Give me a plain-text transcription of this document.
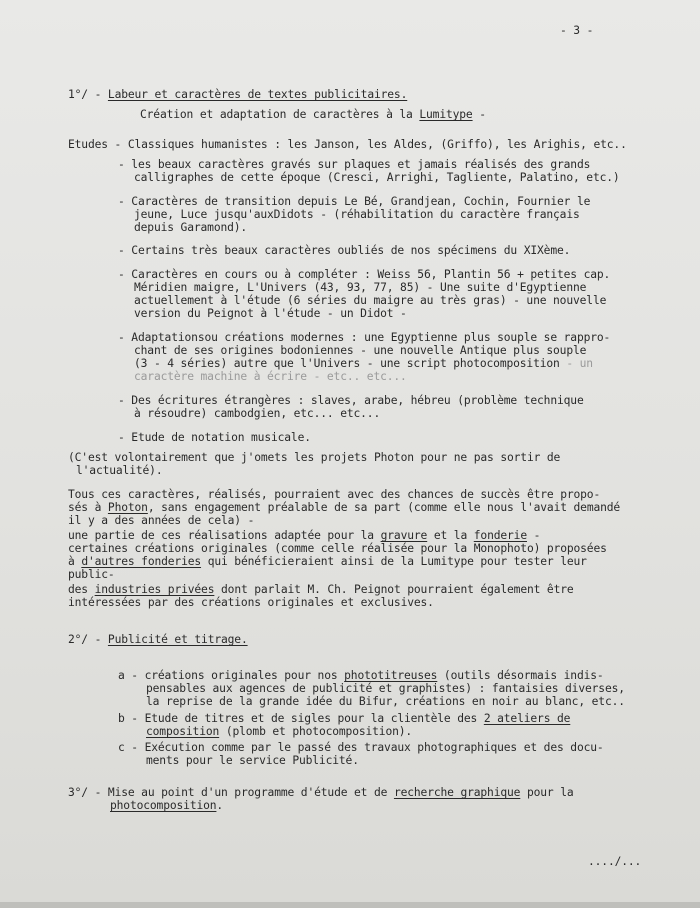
- 3 -
1°/ - Labeur et caractères de textes publicitaires.
Création et adaptation de caractères à la Lumitype -
Etudes - Classiques humanistes : les Janson, les Aldes, (Griffo), les Arighis, etc..
- les beaux caractères gravés sur plaques et jamais réalisés des grands
calligraphes de cette époque (Cresci, Arrighi, Tagliente, Palatino, etc.)
- Caractères de transition depuis Le Bé, Grandjean, Cochin, Fournier le
jeune, Luce jusqu'auxDidots - (réhabilitation du caractère français
depuis Garamond).
- Certains très beaux caractères oubliés de nos spécimens du XIXème.
- Caractères en cours ou à compléter : Weiss 56, Plantin 56 + petites cap.
Méridien maigre, L'Univers (43, 93, 77, 85) - Une suite d'Egyptienne
actuellement à l'étude (6 séries du maigre au très gras) - une nouvelle
version du Peignot à l'étude - un Didot -
- Adaptationsou créations modernes : une Egyptienne plus souple se rappro-
chant de ses origines bodoniennes - une nouvelle Antique plus souple
(3 - 4 séries) autre que l'Univers - une script photocomposition - un
caractère machine à écrire - etc.. etc...
- Des écritures étrangères : slaves, arabe, hébreu (problème technique
à résoudre) cambodgien, etc... etc...
- Etude de notation musicale.
(C'est volontairement que j'omets les projets Photon pour ne pas sortir de
l'actualité).
Tous ces caractères, réalisés, pourraient avec des chances de succès être propo-
sés à Photon, sans engagement préalable de sa part (comme elle nous l'avait demandé
il y a des années de cela) -
une partie de ces réalisations adaptée pour la gravure et la fonderie -
certaines créations originales (comme celle réalisée pour la Monophoto) proposées
à d'autres fonderies qui bénéficieraient ainsi de la Lumitype pour tester leur
public-
des industries privées dont parlait M. Ch. Peignot pourraient également être
intéressées par des créations originales et exclusives.
2°/ - Publicité et titrage.
a - créations originales pour nos phototitreuses (outils désormais indis-
pensables aux agences de publicité et graphistes) : fantaisies diverses,
la reprise de la grande idée du Bifur, créations en noir au blanc, etc..
b - Etude de titres et de sigles pour la clientèle des 2 ateliers de
composition (plomb et photocomposition).
c - Exécution comme par le passé des travaux photographiques et des docu-
ments pour le service Publicité.
3°/ - Mise au point d'un programme d'étude et de recherche graphique pour la
photocomposition.
..../...
